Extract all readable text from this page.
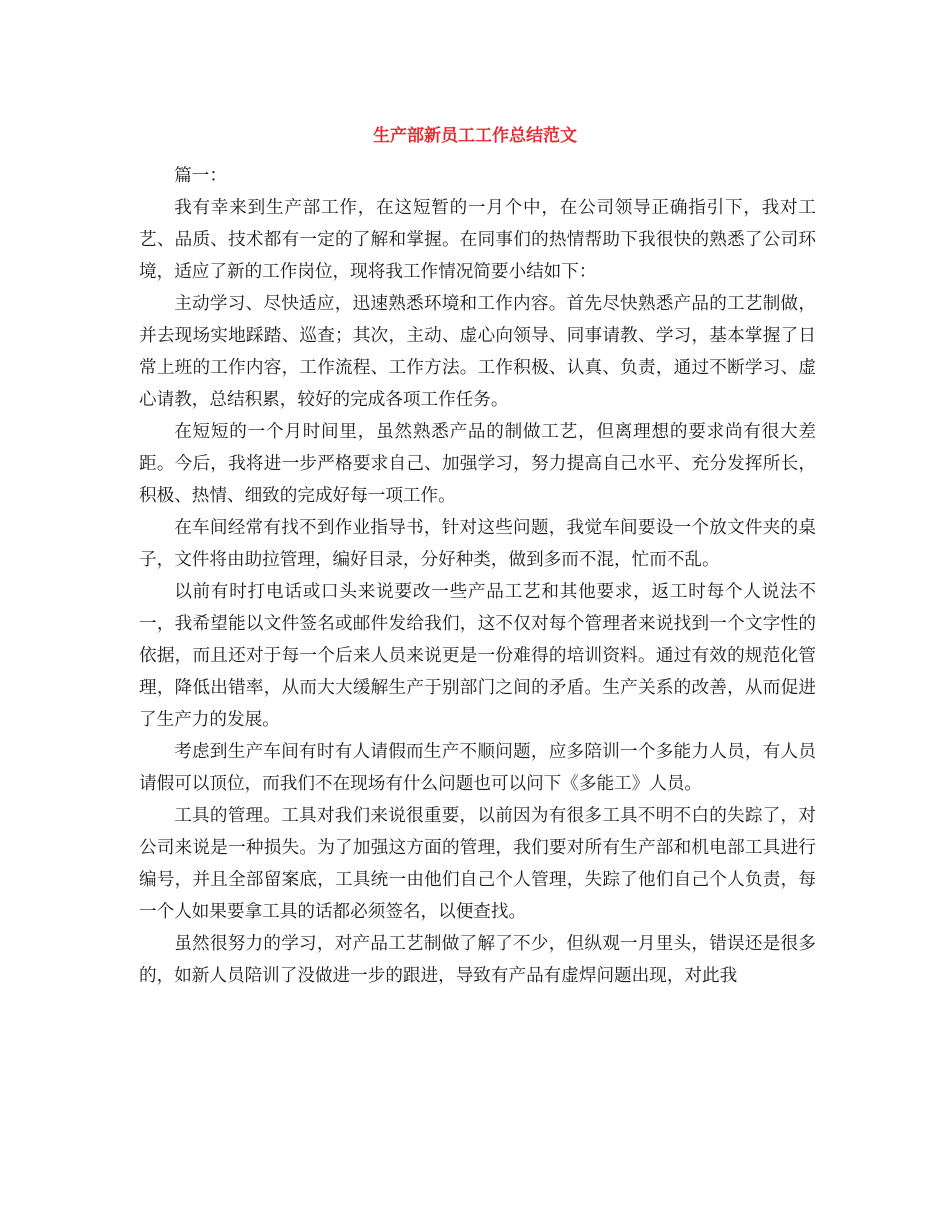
生产部新员工工作总结范文

篇一：

我有幸来到生产部工作，在这短暂的一月个中，在公司领导正确指引下，我对工艺、品质、技术都有一定的了解和掌握。在同事们的热情帮助下我很快的熟悉了公司环境，适应了新的工作岗位，现将我工作情况简要小结如下：

主动学习、尽快适应，迅速熟悉环境和工作内容。首先尽快熟悉产品的工艺制做，并去现场实地踩踏、巡查；其次，主动、虚心向领导、同事请教、学习，基本掌握了日常上班的工作内容，工作流程、工作方法。工作积极、认真、负责，通过不断学习、虚心请教，总结积累，较好的完成各项工作任务。

在短短的一个月时间里，虽然熟悉产品的制做工艺，但离理想的要求尚有很大差距。今后，我将进一步严格要求自己、加强学习，努力提高自己水平、充分发挥所长，积极、热情、细致的完成好每一项工作。

在车间经常有找不到作业指导书，针对这些问题，我觉车间要设一个放文件夹的桌子，文件将由助拉管理，编好目录，分好种类，做到多而不混，忙而不乱。

以前有时打电话或口头来说要改一些产品工艺和其他要求，返工时每个人说法不一，我希望能以文件签名或邮件发给我们，这不仅对每个管理者来说找到一个文字性的依据，而且还对于每一个后来人员来说更是一份难得的培训资料。通过有效的规范化管理，降低出错率，从而大大缓解生产于别部门之间的矛盾。生产关系的改善，从而促进了生产力的发展。

考虑到生产车间有时有人请假而生产不顺问题，应多陪训一个多能力人员，有人员请假可以顶位，而我们不在现场有什么问题也可以问下《多能工》人员。

工具的管理。工具对我们来说很重要，以前因为有很多工具不明不白的失踪了，对公司来说是一种损失。为了加强这方面的管理，我们要对所有生产部和机电部工具进行编号，并且全部留案底，工具统一由他们自己个人管理，失踪了他们自己个人负责，每一个人如果要拿工具的话都必须签名，以便查找。

虽然很努力的学习，对产品工艺制做了解了不少，但纵观一月里头，错误还是很多的，如新人员陪训了没做进一步的跟进，导致有产品有虚焊问题出现，对此我
